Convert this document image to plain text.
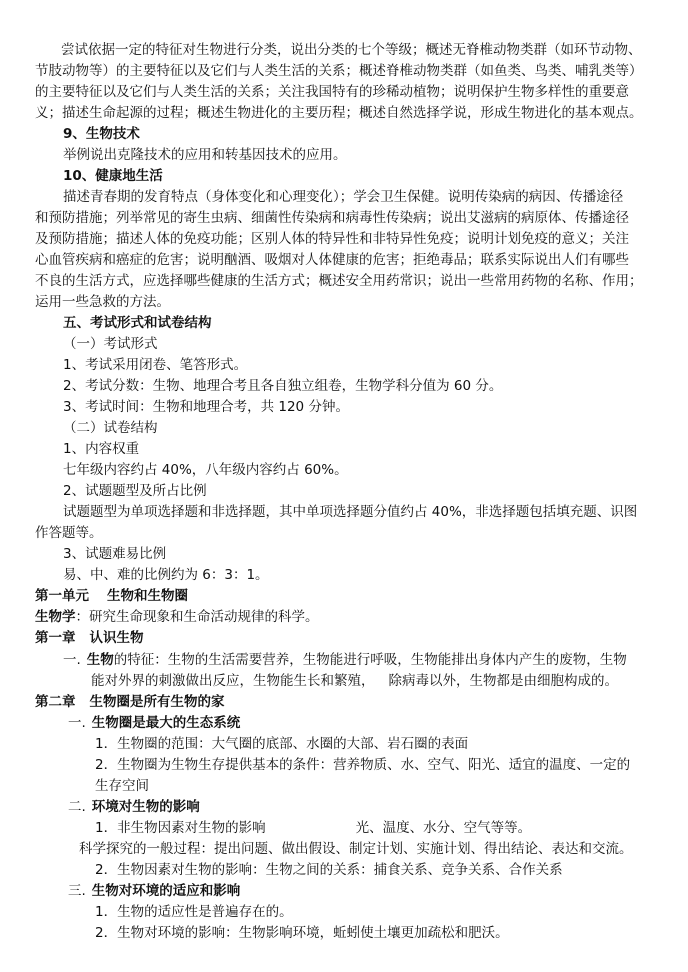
尝试依据一定的特征对生物进行分类，说出分类的七个等级；概述无脊椎动物类群（如环节动物、
节肢动物等）的主要特征以及它们与人类生活的关系；概述脊椎动物类群（如鱼类、鸟类、哺乳类等）
的主要特征以及它们与人类生活的关系；关注我国特有的珍稀动植物；说明保护生物多样性的重要意
义；描述生命起源的过程；概述生物进化的主要历程；概述自然选择学说，形成生物进化的基本观点。
9、生物技术
举例说出克隆技术的应用和转基因技术的应用。
10、健康地生活
描述青春期的发育特点（身体变化和心理变化）；学会卫生保健。说明传染病的病因、传播途径
和预防措施；列举常见的寄生虫病、细菌性传染病和病毒性传染病；说出艾滋病的病原体、传播途径
及预防措施；描述人体的免疫功能；区别人体的特异性和非特异性免疫；说明计划免疫的意义；关注
心血管疾病和癌症的危害；说明酗酒、吸烟对人体健康的危害；拒绝毒品；联系实际说出人们有哪些
不良的生活方式，应选择哪些健康的生活方式；概述安全用药常识；说出一些常用药物的名称、作用；
运用一些急救的方法。
五、考试形式和试卷结构
（一）考试形式
1、考试采用闭卷、笔答形式。
2、考试分数：生物、地理合考且各自独立组卷，生物学科分值为 60 分。
3、考试时间：生物和地理合考，共 120 分钟。
（二）试卷结构
1、内容权重
七年级内容约占 40%，八年级内容约占 60%。
2、试题题型及所占比例
试题题型为单项选择题和非选择题，其中单项选择题分值约占 40%，非选择题包括填充题、识图
作答题等。
3、试题难易比例
易、中、难的比例约为 6：3：1。
第一单元 生物和生物圈
生物学：研究生命现象和生命活动规律的科学。
第一章 认识生物
一. 生物的特征：生物的生活需要营养，生物能进行呼吸，生物能排出身体内产生的废物，生物
能对外界的刺激做出反应，生物能生长和繁殖， 除病毒以外，生物都是由细胞构成的。
第二章 生物圈是所有生物的家
一. 生物圈是最大的生态系统
1．生物圈的范围：大气圈的底部、水圈的大部、岩石圈的表面
2．生物圈为生物生存提供基本的条件：营养物质、水、空气、阳光、适宜的温度、一定的
生存空间
二. 环境对生物的影响
1．非生物因素对生物的影响	光、温度、水分、空气等等。
科学探究的一般过程：提出问题、做出假设、制定计划、实施计划、得出结论、表达和交流。
2．生物因素对生物的影响：生物之间的关系：捕食关系、竞争关系、合作关系
三. 生物对环境的适应和影响
1．生物的适应性是普遍存在的。
2．生物对环境的影响：生物影响环境，蚯蚓使土壤更加疏松和肥沃。
